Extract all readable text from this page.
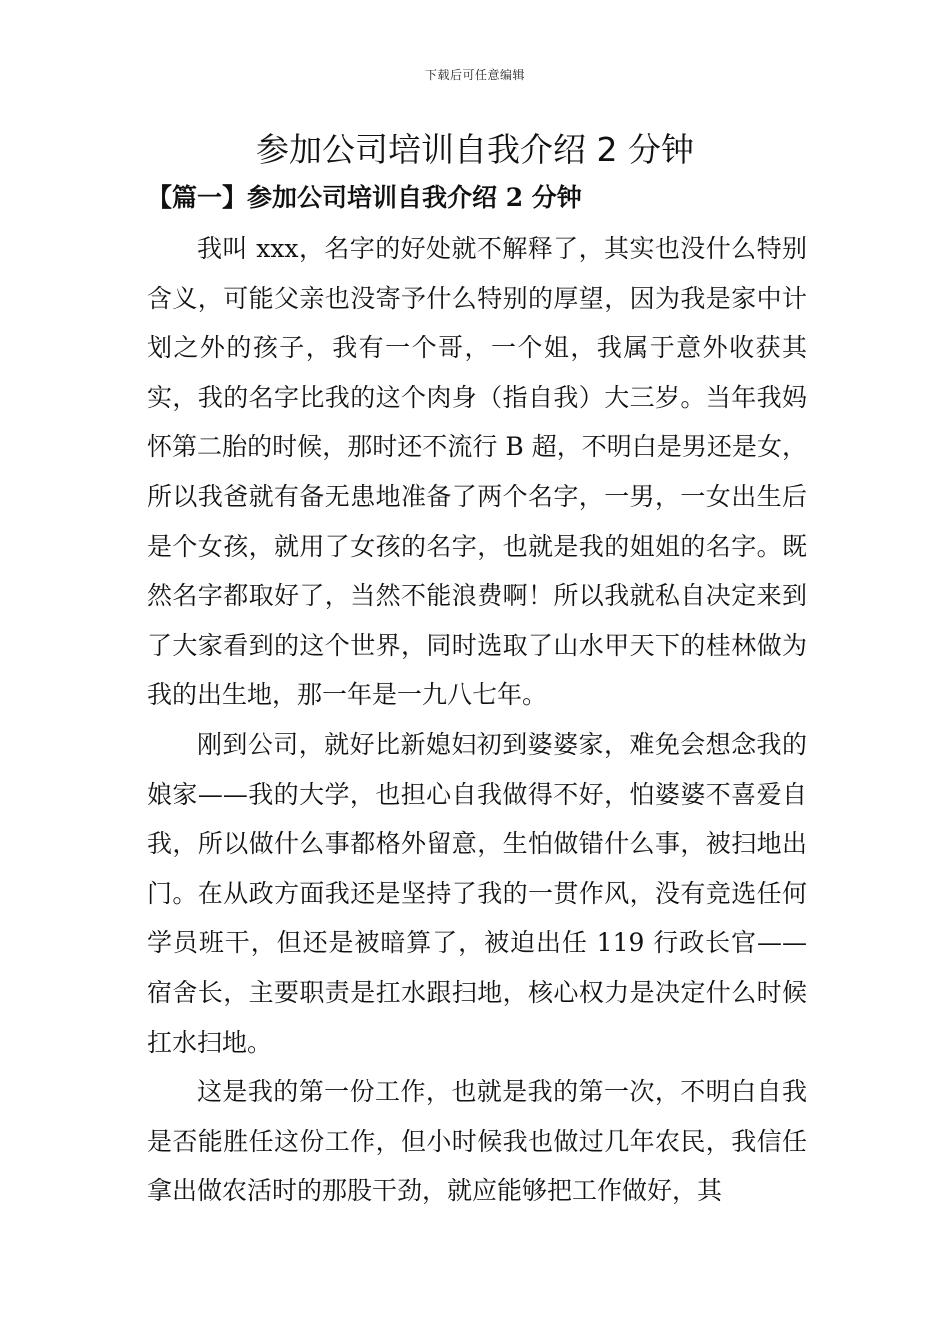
下载后可任意编辑
参加公司培训自我介绍 2 分钟
【篇一】参加公司培训自我介绍 2 分钟

我叫 xxx，名字的好处就不解释了，其实也没什么特别含义，可能父亲也没寄予什么特别的厚望，因为我是家中计划之外的孩子，我有一个哥，一个姐，我属于意外收获其实，我的名字比我的这个肉身（指自我）大三岁。当年我妈怀第二胎的时候，那时还不流行 B 超，不明白是男还是女，所以我爸就有备无患地准备了两个名字，一男，一女出生后是个女孩，就用了女孩的名字，也就是我的姐姐的名字。既然名字都取好了，当然不能浪费啊！所以我就私自决定来到了大家看到的这个世界，同时选取了山水甲天下的桂林做为我的出生地，那一年是一九八七年。

刚到公司，就好比新媳妇初到婆婆家，难免会想念我的娘家——我的大学，也担心自我做得不好，怕婆婆不喜爱自我，所以做什么事都格外留意，生怕做错什么事，被扫地出门。在从政方面我还是坚持了我的一贯作风，没有竞选任何学员班干，但还是被暗算了，被迫出任 119 行政长官——宿舍长，主要职责是扛水跟扫地，核心权力是决定什么时候扛水扫地。

这是我的第一份工作，也就是我的第一次，不明白自我是否能胜任这份工作，但小时候我也做过几年农民，我信任拿出做农活时的那股干劲，就应能够把工作做好，其
